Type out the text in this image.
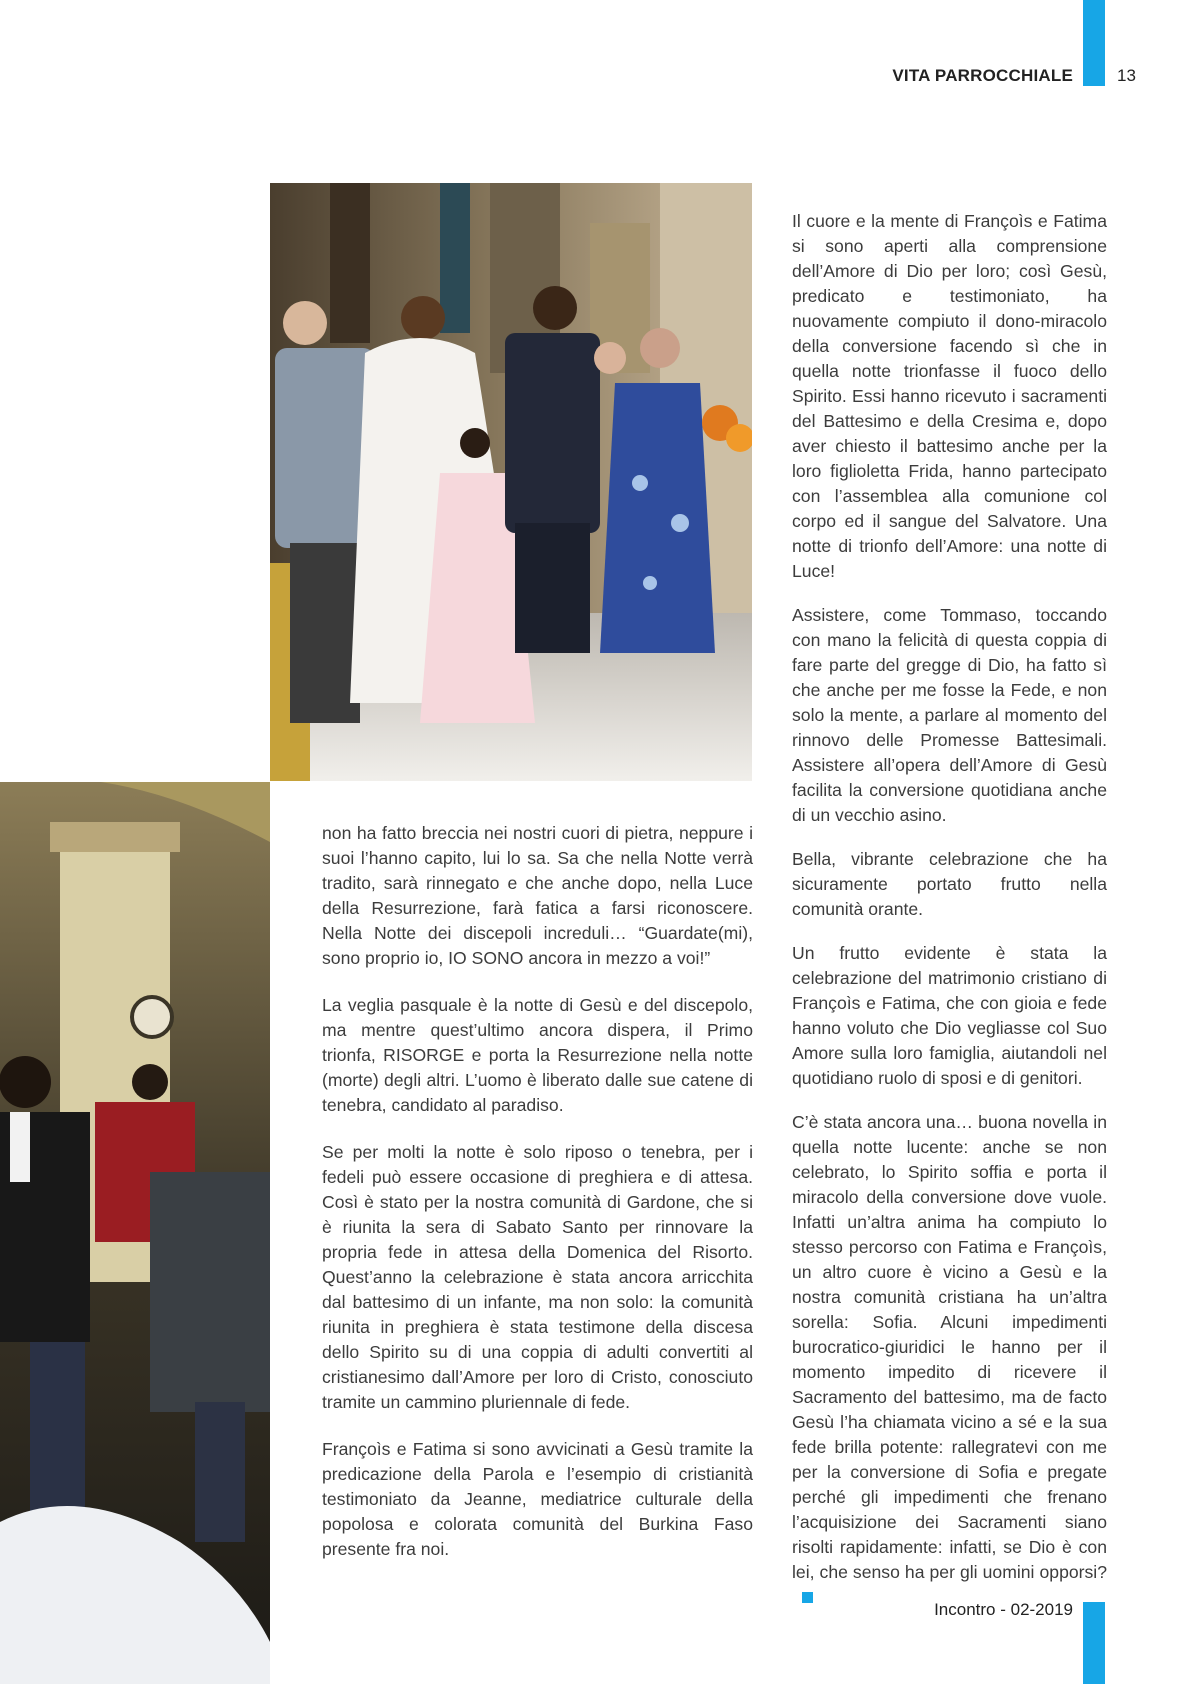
VITA PARROCCHIALE	13

non ha fatto breccia nei nostri cuori di pietra, neppure i suoi l’hanno capito, lui lo sa. Sa che nella Notte verrà tradito, sarà rinnegato e che anche dopo, nella Luce della Resurrezione, farà fatica a farsi riconoscere. Nella Notte dei discepoli increduli… “Guardate(mi), sono proprio io, IO SONO ancora in mezzo a voi!”

La veglia pasquale è la notte di Gesù e del discepolo, ma mentre quest’ultimo ancora dispera, il Primo trionfa, RISORGE e porta la Resurrezione nella notte (morte) degli altri. L’uomo è liberato dalle sue catene di tenebra, candidato al paradiso.

Se per molti la notte è solo riposo o tenebra, per i fedeli può essere occasione di preghiera e di attesa. Così è stato per la nostra comunità di Gardone, che si è riunita la sera di Sabato Santo per rinnovare la propria fede in attesa della Domenica del Risorto. Quest’anno la celebrazione è stata ancora arricchita dal battesimo di un infante, ma non solo: la comunità riunita in preghiera è stata testimone della discesa dello Spirito su di una coppia di adulti convertiti al cristianesimo dall’Amore per loro di Cristo, conosciuto tramite un cammino pluriennale di fede.

Françoìs e Fatima si sono avvicinati a Gesù tramite la predicazione della Parola e l’esempio di cristianità testimoniato da Jeanne, mediatrice culturale della popolosa e colorata comunità del Burkina Faso presente fra noi.

Il cuore e la mente di Françoìs e Fatima si sono aperti alla comprensione dell’Amore di Dio per loro; così Gesù, predicato e testimoniato, ha nuovamente compiuto il dono-miracolo della conversione facendo sì che in quella notte trionfasse il fuoco dello Spirito. Essi hanno ricevuto i sacramenti del Battesimo e della Cresima e, dopo aver chiesto il battesimo anche per la loro figlioletta Frida, hanno partecipato con l’assemblea alla comunione col corpo ed il sangue del Salvatore. Una notte di trionfo dell’Amore: una notte di Luce!

Assistere, come Tommaso, toccando con mano la felicità di questa coppia di fare parte del gregge di Dio, ha fatto sì che anche per me fosse la Fede, e non solo la mente, a parlare al momento del rinnovo delle Promesse Battesimali. Assistere all’opera dell’Amore di Gesù facilita la conversione quotidiana anche di un vecchio asino.

Bella, vibrante celebrazione che ha sicuramente portato frutto nella comunità orante.

Un frutto evidente è stata la celebrazione del matrimonio cristiano di Françoìs e Fatima, che con gioia e fede hanno voluto che Dio vegliasse col Suo Amore sulla loro famiglia, aiutandoli nel quotidiano ruolo di sposi e di genitori.

C’è stata ancora una… buona novella in quella notte lucente: anche se non celebrato, lo Spirito soffia e porta il miracolo della conversione dove vuole. Infatti un’altra anima ha compiuto lo stesso percorso con Fatima e Françoìs, un altro cuore è vicino a Gesù e la nostra comunità cristiana ha un’altra sorella: Sofia. Alcuni impedimenti burocratico-giuridici le hanno per il momento impedito di ricevere il Sacramento del battesimo, ma de facto Gesù l’ha chiamata vicino a sé e la sua fede brilla potente: rallegratevi con me per la conversione di Sofia e pregate perché gli impedimenti che frenano l’acquisizione dei Sacramenti siano risolti rapidamente: infatti, se Dio è con lei, che senso ha per gli uomini opporsi?

Incontro - 02-2019
